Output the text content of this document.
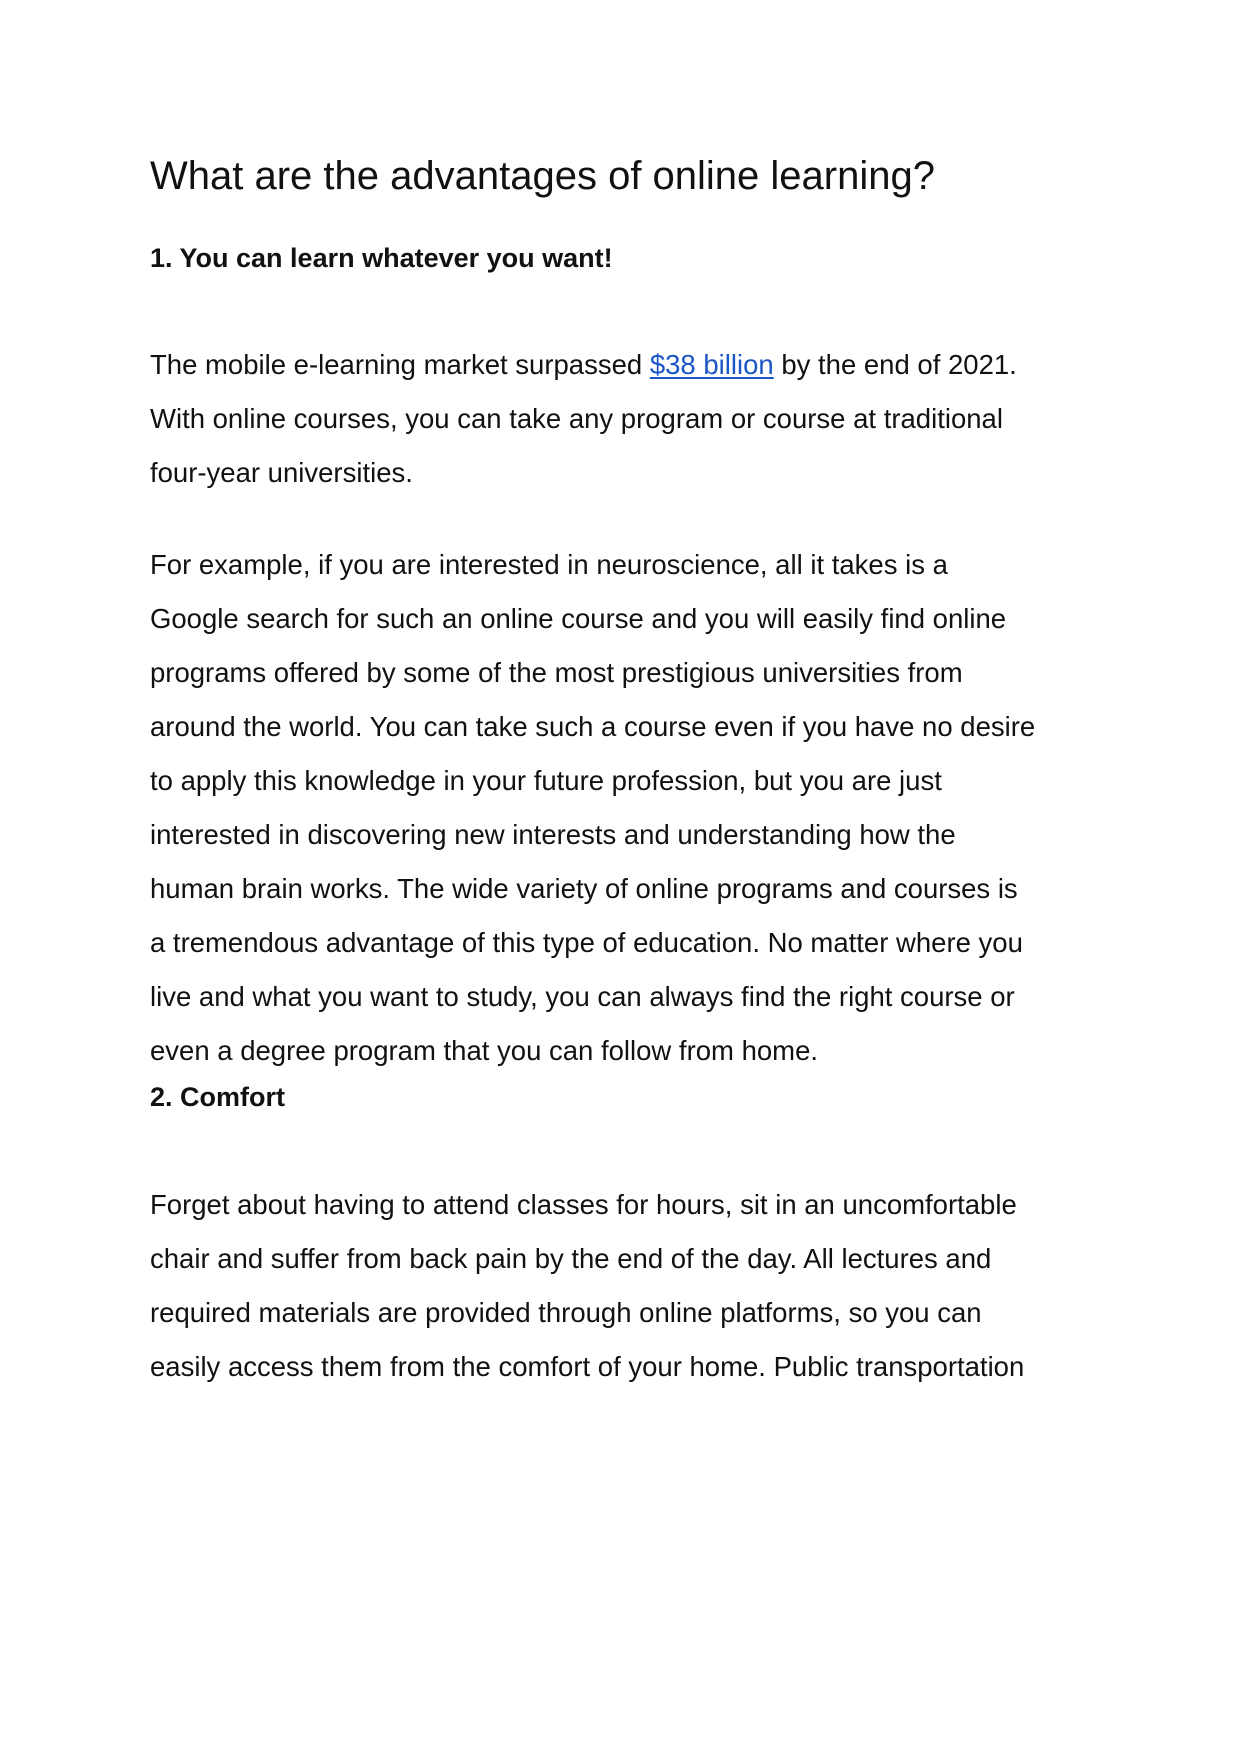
What are the advantages of online learning?
1. You can learn whatever you want!

The mobile e-learning market surpassed $38 billion by the end of 2021.
With online courses, you can take any program or course at traditional
four-year universities.

For example, if you are interested in neuroscience, all it takes is a
Google search for such an online course and you will easily find online
programs offered by some of the most prestigious universities from
around the world. You can take such a course even if you have no desire
to apply this knowledge in your future profession, but you are just
interested in discovering new interests and understanding how the
human brain works. The wide variety of online programs and courses is
a tremendous advantage of this type of education. No matter where you
live and what you want to study, you can always find the right course or
even a degree program that you can follow from home.

2. Comfort

Forget about having to attend classes for hours, sit in an uncomfortable
chair and suffer from back pain by the end of the day. All lectures and
required materials are provided through online platforms, so you can
easily access them from the comfort of your home. Public transportation
